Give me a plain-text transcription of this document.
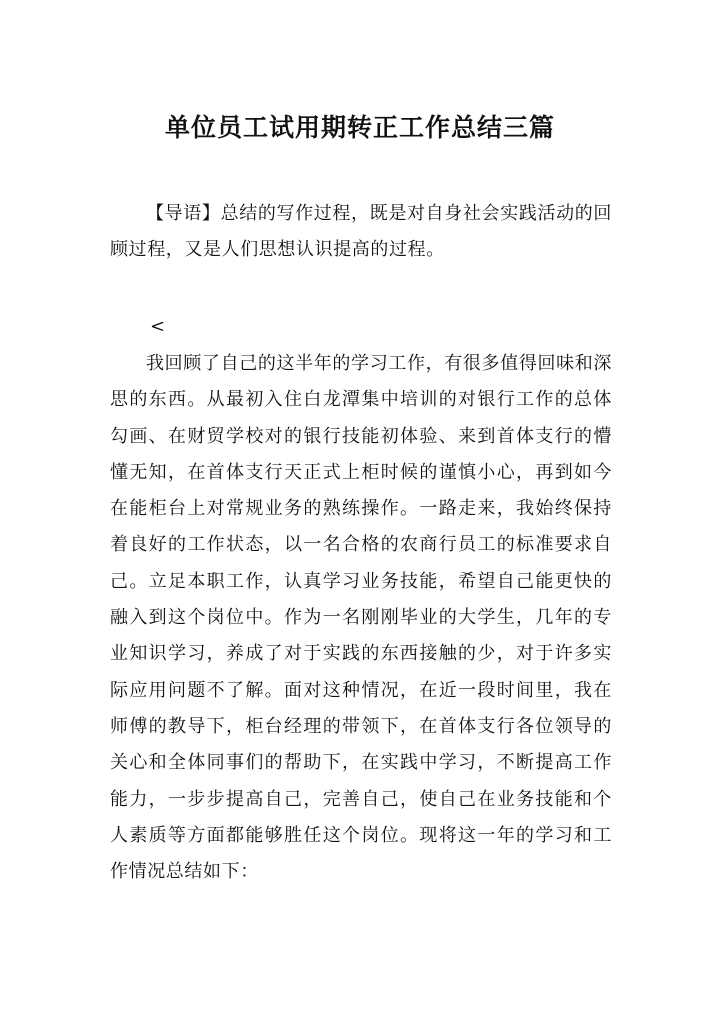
单位员工试用期转正工作总结三篇

【导语】总结的写作过程，既是对自身社会实践活动的回顾过程，又是人们思想认识提高的过程。

<

我回顾了自己的这半年的学习工作，有很多值得回味和深思的东西。从最初入住白龙潭集中培训的对银行工作的总体勾画、在财贸学校对的银行技能初体验、来到首体支行的懵懂无知，在首体支行天正式上柜时候的谨慎小心，再到如今在能柜台上对常规业务的熟练操作。一路走来，我始终保持着良好的工作状态，以一名合格的农商行员工的标准要求自己。立足本职工作，认真学习业务技能，希望自己能更快的融入到这个岗位中。作为一名刚刚毕业的大学生，几年的专业知识学习，养成了对于实践的东西接触的少，对于许多实际应用问题不了解。面对这种情况，在近一段时间里，我在师傅的教导下，柜台经理的带领下，在首体支行各位领导的关心和全体同事们的帮助下，在实践中学习，不断提高工作能力，一步步提高自己，完善自己，使自己在业务技能和个人素质等方面都能够胜任这个岗位。现将这一年的学习和工作情况总结如下：
